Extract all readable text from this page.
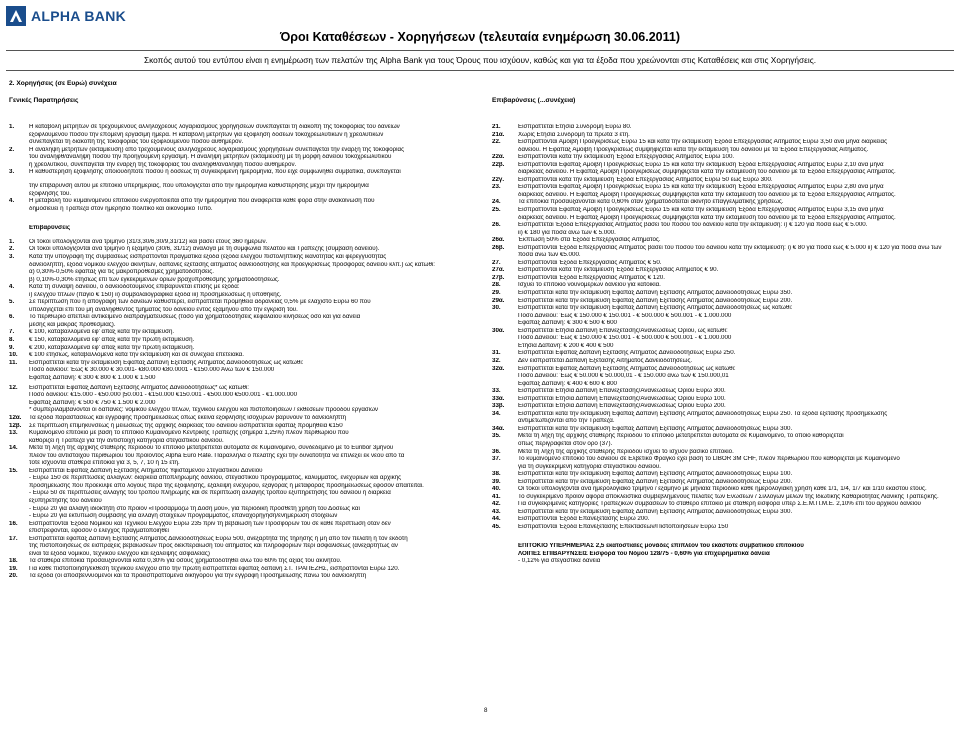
ALPHA BANK
Όροι Καταθέσεων - Χορηγήσεων (τελευταία ενημέρωση 30.06.2011)
Σκοπός αυτού του εντύπου είναι η ενημέρωση των πελατών της Alpha Bank για τους Όρους που ισχύουν, καθώς και για τα έξοδα που χρεώνονται στις Καταθέσεις και στις Χορηγήσεις.
2. Χορηγήσεις (σε Ευρώ) συνέχεια
Γενικές Παρατηρήσεις
1.	Η καταβολή μετρητών σε τρεχούμενους αλληλόχρεους λογαριασμούς χορηγήσεων συνεπάγεται τη διακοπή της τοκοφορίας του δανείων
εξοφλούμενου ποσού την επόμενη εργάσιμη ημέρα. Η καταβολή μετρητών για εξόφληση δόσεων τοκοχρεωλυτικών ή χρεολυτικών
συνεπάγεται τη διακοπή της τοκοφορίας του εξοφλούμενου ποσού αυθημερόν.
2.	Η ανάληψη μετρητών (εκταμίευση) από τρεχούμενους αλληλόχρεους λογαριασμούς χορηγήσεων συνεπάγεται την έναρξη της τοκοφορίας
του αναληφθ/ανάληψη ποσού την προηγούμενη εργάσιμη. Η ανάληψη μετρητών (εκταμίευση) με τη μορφή δανείου τοκοχρεωλυτικού
ή χρεολυτικού, συνεπάγεται την έναρξη της τοκοφορίας του αναληφθ/ανάληψη ποσού αυθημερόν.
3.	Η καθυστέρηση εξόφλησης οποιουδήποτε ποσού ή δόσεως τη συγκεκριμένη ημερομηνία, που είχε συμφωνηθεί συμβατικά, συνεπάγεται
την επιβάρυνση αυτού με επιτόκιο υπερημερίας, που υπολογίζεται από την ημερομηνία καθυστέρησης μέχρι την ημερομηνία
εξόφλησής του.
4.	Η μεταβολή του κυμαινόμενου επιτοκίου ενεργοποιείται από την ημερομηνία που αναφέρεται κάθε φορά στην ανακοίνωση που
δημοσιεύει η Τράπεζα στον ημερήσιο πολιτικό και οικονομικό Τύπο.
Επιβαρύνσεις
1.	Οι τόκοι υπολογίζονται ανά τρίμηνο (31/3,30/6,30/9,31/12) και βάσει έτους 360 ημερών.
2.	Οι τόκοι υπολογίζονται ανά τρίμηνο ή εξάμηνο (30/6, 31/12) ανάλογα με τη συμφωνία πελάτου και Τραπέζης (σύμβαση δανείου).
3.	Κατά την υπογραφή της συμβάσεως εισπράττονται πραγματικά έξοδα (έξοδα ελέγχου πιστοληπτικής ικανότητας και φερεγγυότητας
δανειολήπτη, έξοδα νομικού ελέγχου ακινήτων, δαπάνες εξέτασης αιτήματος δανειοδότησης και προεγκρίσεως προσφοράς δανείου κλπ.) ως κάτωθι:
α) 0,30%-0,50% εφάπαξ για τις μακροπρόθεσμες χρηματοδοτήσεις.
β) 0,10%-0,30% ετησίως επί των εγκεκριμένων ορίων βραχυπρόθεσμης χρηματοδοτήσεως.
4.	Κατά τη σύναψη δανείου, ο δανειοδοτούμενος επιβαρύνεται επίσης με έξοδα:
i) ελέγχου τίτλων (πάγιο € 150) ii) συμβολαιογραφικά έξοδα iii) προσημειώσεως ή υποθήκης.
5.	Σε περίπτωση που η απογραφή των δανείων καθυστερεί, εισπράττεται προμήθεια αδράνειας 0,5% με ελάχιστο Ευρώ 60 που
υπολογίζεται επί του μη αναληφθέντος τμήματος του δανείου εντός εξαμήνου από την έγκρισή του.
6.	Το περιθώριο απεπλεί αντικείμενο διαπραγματεύσεως (τόσο για χρηματοδοτήσεις κεφαλαίου κινήσεως όσο και για δάνεια
μέσης και μακράς προθεσμίας).
7.	€ 100, καταβαλλόμενα εφ' άπαξ κατά την εκταμίευση.
8.	€ 150, καταβαλλόμενα εφ' άπαξ κατά την πρώτη εκταμίευση.
9.	€ 200, καταβαλλόμενα εφ' άπαξ κατά την πρώτη εκταμίευση.
10.	€ 100 ετησίως, καταβαλλόμενα κατά την εκταμίευση και σε συνέχεια επετειακά.
11.	Εισπράττεται κατά την εκταμίευση Εφάπαξ Δαπάνη Εξέτασης Αιτήματος Δανειοδοτήσεως ως κάτωθι:
Ποσό δανείου: Έως € 30.000 € 30.001- €80.000 €80.0001 - €150.000 Άνω των € 150.000
Εφάπαξ Δαπάνη: € 300 € 800 € 1.000 € 1.500
12.	Εισπράττεται Εφάπαξ Δαπάνη Εξέτασης Αιτήματος Δανειοδοτήσεως* ως κάτωθι:
Ποσό δανείου: €15.000 - €50.000 |50.001 - €150.000 €150.001 - €500.000 €500.001 - €1.000.000
Εφάπαξ Δαπάνη: € 500 € 750 € 1.500 € 2.000
* συμπεριλαμβάνονται οι δαπάνες: νομικού ελέγχου τίτλων, τεχνικού ελέγχου και πιστοποιήσεων / εκθέσεων προόδου εργασιών
12α.	Τα έξοδα παραστάσεως και εγγραφής προσημειώσεως όπως εκείνα εξόφλησης ισόχυρων βαρύνουν το δανειολήπτη
12β.	Σε περίπτωση επιμηκύνσεως ή μειώσεως της αρχικής διάρκειας του δανείου εισπράττεται εφάπαξ προμήθεια €150
13.	Κυμαινόμενο επιτόκιο με βάση το επιτόκιο Κυμαινόμενο Κεντρικής Τραπέζης (σήμερα 1,25%) πλέον περιθωρίου που
καθορίζει η Τράπεζα για την αντίστοιχη κατηγορία στεγαστικού δανείου.
14.	Μετά τη λήξη της αρχικής σταθερής περιόδου το επιτόκιο μετατρέπεται αυτόματα σε Κυμαινόμενο, συνδεδεμένο με το Euribor 3μήνου
πλέον του αντιστοίχου περιθωρίου του προϊόντος Alpha Euro Rate. Παράλληλα ο πελάτης έχει την δυνατότητα να επιλέξει εκ νέου από τα
τότε ισχύοντα σταθερά επιτόκια για 3, 5, 7, 10 ή 15 έτη.
15.	Εισπράττεται Εφάπαξ Δαπάνη Εξέτασης Αιτήματος Υφιστάμενου Στεγαστικού Δανείου
- Ευρώ 150 σε περιπτώσεις αλλαγών: διάρκεια αποπληρωμής δανείου, στεγαστικού προγράμματος, καλύμματος, ενεχυρίων και αρχικής
προσημείωσης που προέκυψε από λόγους πέρα της εξόφλησης, εξάλειψη ενεχύρου, εξαγοράς ή μεταφοράς προσημειώσεως εφόσον απαιτείται.
- Ευρώ 50 σε περιπτώσεις αλλαγής του τρόπου πληρωμής και σε περίπτωση αλλαγής τρόπου εξυπηρέτησης του δανείου ή διάρκεια
εξυπηρέτησης του δανείου
- Ευρώ 20 για αλλαγή ιδιοκτήτη στο προϊόν «Προσαρμόζω τη Δόση μου», για περιοδική πρόσθετη χρήση του Δόσεως και
- Ευρώ 20 για εκτύπωση σύμβασης για αλλαγή στοιχείων προγράμματος, επαναχορήγηση/ενημέρωση στοιχείων
16.	Εισπράττονται Έξοδα Νομικού και Τεχνικού Ελέγχου Ευρώ 235 πριν τη βεβαίωση των Προσφορών του σε κάθε περίπτωση όταν δεν
επιστρέφονται, εφόσον ο έλεγχος πραγματοποιηθεί
17.	Εισπράττεται εφάπαξ Δαπάνη Εξέτασης Αιτήματος Δανειοδοτήσεως Ευρώ 500, ανεξάρτητα της τήρησης ή μη από τον πελάτη ή τον εκδότη
της πιστοποιήσεως σε εισπράξεις βεβαιώσεων προς διεκπεραίωση του αίτηματος και πληροφοριών περί ασφαλίσεως (ανεξαρτήτως αν
είναι τα έξοδα νομικού, τεχνικού ελέγχου και εξάλειψης ασφαλείας)
18.	Τα σταθερά επιτόκια προσαυξάνονται κατά 0,30% για όσους χρηματοδότηθεί άνω του 60% της αξίας του ακινήτου.
19.	Για κάθε πιστοποιήση/εκθεση τεχνικού ελέγχου από την πρώτη εισπράττεται εφάπαξ δαπάνη ΣΤ. ΤΡΑΠΕΖΗΣ, εισπράττονται Ευρώ 120.
20.	Τα έξοδα (οι αποσβεννυόμενοι και τα προεισπραττόμενα δικηγόρου για την εγγραφή Προσημείωσης πάνω του δανειολήπτη
Επιβαρύνσεις (...συνέχεια)
21.	Εισπράττεται Ετήσια Συνδρομή Ευρώ 80.
21α.	Χωρίς Ετήσια Συνδρομή τα πρώτα 3 έτη.
22.	Εισπράττονται Αμοιβή Προεγκρίσεως Ευρώ 15 και κατά την εκταμίευση Έξοδα Επεξεργασίας Αιτήματος Ευρώ 3,50 ανά μήνα διάρκειας
δανείου. Η Εφάπαξ Αμοιβή Προεγκρίσεως συμψηφίζεται κατά την εκταμίευση του δανείου με τα Έξοδα Επεξεργασίας Αιτήματος.
22α.	Εισπράττονται κατά την εκταμίευση Έξοδα Επεξεργασίας Αιτήματος Ευρώ 100.
22β.	Εισπράττονται Εφάπαξ Αμοιβή Προεγκρίσεως Ευρώ 15 και κατά την εκταμίευση Έξοδα Επεξεργασίας Αιτήματος Ευρώ 2,10 ανά μήνα
διάρκειας δανείου. Η Εφάπαξ Αμοιβή Προεγκρίσεως συμψηφίζεται κατά την εκταμίευση του δανείου με τα Έξοδα Επεξεργασίας Αιτήματος.
22γ.	Εισπράττονται κατά την εκταμίευση Έξοδα Επεξεργασίας Αιτήματος Ευρώ 50 έως Ευρώ 300.
23.	Εισπράττονται Εφάπαξ Αμοιβή Προεγκρίσεως Ευρώ 15 και κατά την εκταμίευση Έξοδα Επεξεργασίας Αιτήματος Ευρώ 2,80 ανά μήνα
διάρκειας δανείου. Η Εφάπαξ Αμοιβή Προεγκρίσεως συμψηφίζεται κατά την εκταμίευση του δανείου με τα Έξοδα Επεξεργασίας Αιτήματος.
24.	Τα επιτόκια προσαυξάνονται κατά 0,60% όταν χρηματοδοτείται ακίνητο επαγγελματικής χρήσεως.
25.	Εισπράττονται Εφάπαξ Αμοιβή Προεγκρίσεως Ευρώ 15 και κατά την εκταμίευση Έξοδα Επεξεργασίας Αιτήματος Ευρώ 3,15 ανά μήνα
διάρκειας δανείου. Η Εφάπαξ Αμοιβή Προεγκρίσεως συμψηφίζεται κατά την εκταμίευση του δανείου με τα Έξοδα Επεξεργασίας Αιτήματος.
26.	Εισπράττεται Έξοδα Επεξεργασίας Αιτήματος βάσει του ποσού του δανείου κατά την εκταμίευση: i) € 120 για ποσά έως € 5.000.
ii) € 180 για ποσά άνω των € 5.000.
26α.	Έκπτωση 50% στα Έξοδα Επεξεργασίας Αιτήματος.
26β.	Εισπράττονται Έξοδα Επεξεργασίας Αιτήματος βάσει του ποσού του δανείου κατά την εκταμίευση: i) € 80 για ποσά έως € 5.000 ii) € 120 για ποσά άνω των
ποσά άνω των €5.000.
27.	Εισπράττονται Έξοδα Επεξεργασίας Αιτήματος € 50.
27α.	Εισπράττονται κατά την εκταμίευση Έξοδα Επεξεργασίας Αιτήματος € 90.
27β.	Εισπράττονται Έξοδα Επεξεργασίας Αιτήματος € 120.
28.	Ισχύει το επιτόκιο νουνομερίων δανείου για κατοικία.
29.	Εισπράττεται κατά την εκταμίευση Εφάπαξ Δαπάνη Εξέτασης Αιτήματος Δανειοδοτήσεως Ευρώ 350.
29α.	Εισπράττεται κατά την εκταμίευση Εφάπαξ Δαπάνη Εξέτασης Αιτήματος Δανειοδοτήσεως Ευρώ 200.
30.	Εισπράττεται κατά την εκταμίευση Εφάπαξ Δαπάνη Εξέτασης Αιτήματος Δανειοδοτήσεως ως κάτωθι:
Ποσό Δανείου: Έως € 150.000 € 150.001 - € 500.000 € 500.001 - € 1.000.000
Εφάπαξ Δαπάνη: € 300 € 500 € 600
30α.	Εισπράττεται Ετήσια Δαπάνη Επανεξέτασης/Ανανεώσεως Ορίου, ως κάτωθι:
Ποσό Δανείου: Έως € 150.000 € 150.001 - € 500.000 € 500.001 - € 1.000.000
Ετήσια Δαπάνη: € 200 € 400 € 500
31.	Εισπράττεται Εφάπαξ Δαπάνη Εξέτασης Αιτήματος Δανειοδοτήσεως Ευρώ 250.
32.	Δεν εισπράττεται Δαπάνη Εξέτασης Αιτήματος Δανειοδοτήσεως.
32α.	Εισπράττεται Εφάπαξ Δαπάνη Εξέτασης Αιτήματος Δανειοδοτήσεως ως κάτωθι:
Ποσό Δανείου: Έως € 50.000 € 50.000,01 - € 150.000 άνω των € 150.000,01
Εφάπαξ Δαπάνη: € 400 € 600 € 800
33.	Εισπράττεται Ετήσια Δαπάνη Επανεξέτασης/Ανανεώσεως Ορίου Ευρώ 300.
33α.	Εισπράττεται Ετήσια Δαπάνη Επανεξέτασης/Ανανεώσεως Ορίου Ευρώ 100.
33β.	Εισπράττεται Ετήσια Δαπάνη Επανεξέτασης/Ανανεώσεως Ορίου Ευρώ 200.
34.	Εισπράττεται κατά την εκταμίευση Εφάπαξ Δαπάνη Εξέτασης Αιτήματος Δανειοδοτήσεως Ευρώ 250. Τα έξοδα εξέτασης προσημείωσης
αντιμετωπίζονται από την Τράπεζα.
34α.	Εισπράττεται κατά την εκταμίευση Εφάπαξ Δαπάνη Εξέτασης Αιτήματος Δανειοδοτήσεως Ευρώ 300.
35.	Μετά τη λήξη της αρχικής σταθερής περιόδου το επιτόκιο μετατρέπεται αυτόματα σε Κυμαινόμενο, το οποίο καθορίζεται
όπως περιγράφεται στον όρο (37).
36.	Μετά τη λήξη της αρχικής σταθερής περιόδου ισχύει το ισχύον βασικό επιτόκιο.
37.	Το κυμαινόμενο επιτόκιο του δανείου σε Ελβετικό Φράγκο έχει βάση το LIBOR 3Μ CHF, πλέον περιθωρίου που καθορίζεται με Κυμαινόμενο
για τη συγκεκριμένη κατηγορία στεγαστικού δανείου.
38.	Εισπράττεται κατά την εκταμίευση Εφάπαξ Δαπάνη Εξέτασης Αιτήματος Δανειοδοτήσεως Ευρώ 100.
39.	Εισπράττεται κατά την εκταμίευση Εφάπαξ Δαπάνη Εξέτασης Αιτήματος Δανειοδοτήσεως Ευρώ 200.
40.	Οι τόκοι υπολογίζονται ανά ημερολογιακό τρίμηνο / εξάμηνο με μηνιαία περιοδικό κάθε ημερολογιακή χρήση κάθε 1/1, 1/4, 1/7 και 1/10 εκάστου έτους.
41.	Το συγκεκριμένο προϊόν αφορά αποκλειστικά συμβεβλημένους πελάτες των Ενώσεων / Σιλλόγων μελών της Ιδιωτικής Καθαριότητας Λιανικής Τραπεζικής.
42.	Για συγκεκριμένες κατηγορίες Τραπεζικών συμβάσεων το σταθερό επιτόκιο με σταθερή εισφορά υπέρ Σ.Ε.Μ.Π.Μ.Ε. 2,10% επί του αρχικού δανείου
43.	Εισπράττεται κατά την εκταμίευση Εφάπαξ Δαπάνη Εξέτασης Αιτήματος Δανειοδοτήσεως Ευρώ 300.
44.	Εισπράττονται Έξοδα Επανεξέτασης Ευρώ 200.
45.	Εισπράττονται Έξοδα Επανεξέτασης Επεκτάσεων/Πιστοποιήσεων Ευρώ 150
ΕΠΙΤΟΚΙΟ ΥΠΕΡΗΜΕΡΙΑΣ 2,5 εκατοστιαίες μονάδες επιπλέον του εκάστοτε συμβατικού επιτοκίου
ΛΟΙΠΕΣ ΕΠΙΒΑΡΥΝΣΕΙΣ Εισφορά του Νόμου 128/75 - 0,60% για επιχειρηματικά δάνεια
- 0,12% για στεγαστικά δάνεια
8
